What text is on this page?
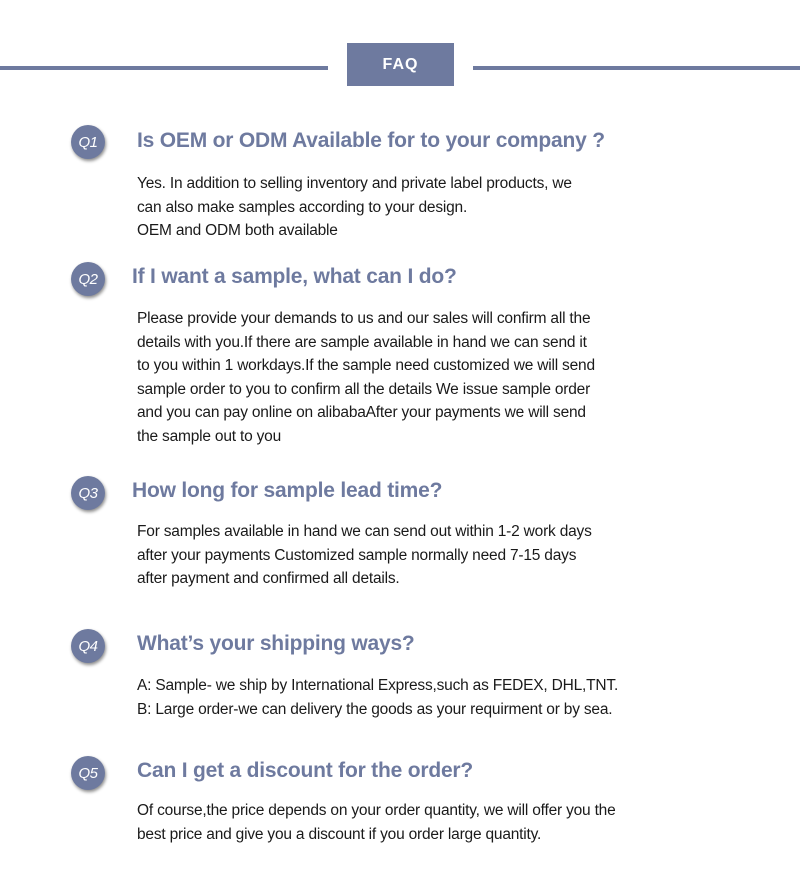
FAQ
Q1 Is OEM or ODM Available for to your company ?
Yes. In addition to selling inventory and private label products, we
can also make samples according to your design.
OEM and ODM both available
Q2 If I want a sample, what can I do?
Please provide your demands to us and our sales will confirm all the
details with you.If there are sample available in hand we can send it
to you within 1 workdays.If the sample need customized we will send
sample order to you to confirm all the details We issue sample order
and you can pay online on alibabaAfter your payments we will send
the sample out to you
Q3 How long for sample lead time?
For samples available in hand we can send out within 1-2 work days
after your payments Customized sample normally need 7-15 days
after payment and confirmed all details.
Q4 What’s your shipping ways?
A: Sample- we ship by International Express,such as FEDEX, DHL,TNT.
B: Large order-we can delivery the goods as your requirment or by sea.
Q5 Can I get a discount for the order?
Of course,the price depends on your order quantity, we will offer you the
best price and give you a discount if you order large quantity.
